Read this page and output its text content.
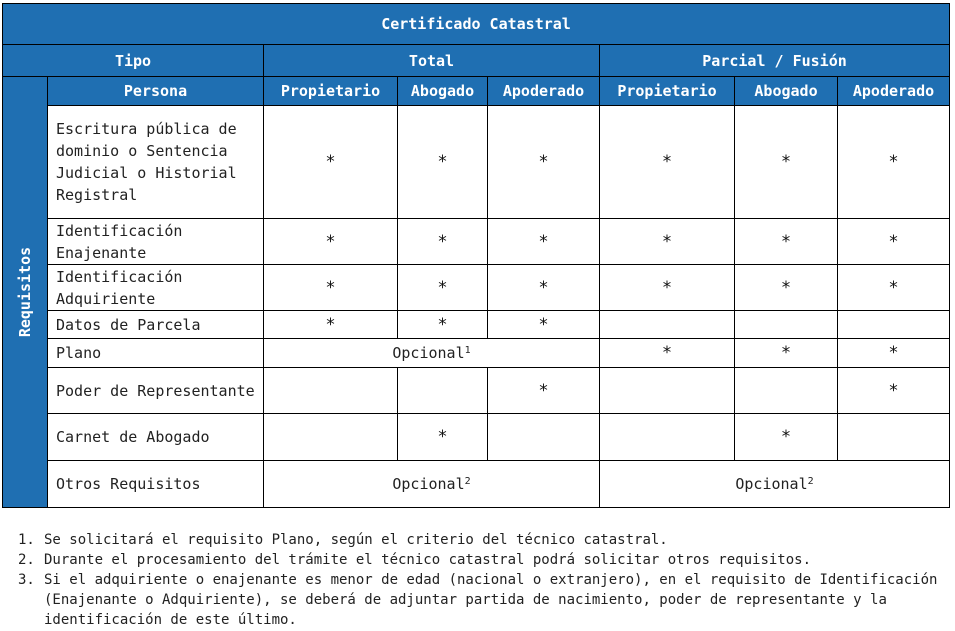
Certificado Catastral							
Tipo		Total			Parcial / Fusión		

Requisitos	Persona	Propietario	Abogado	Apoderado	Propietario	Abogado	Apoderado
	Escritura pública de dominio o Sentencia Judicial o Historial Registral	*	*	*	*	*	*
	Identificación Enajenante	*	*	*	*	*	*
	Identificación Adquiriente	*	*	*	*	*	*
	Datos de Parcela	*	*	*			
	Plano	Opcional$^1$			*	*	*
	Poder de Representante			*			*
	Carnet de Abogado		*			*	
	Otros Requisitos	Opcional$^2$			Opcional$^2$
1. Se solicitará el requisito Plano, según el criterio del técnico catastral.
2. Durante el procesamiento del trámite el técnico catastral podrá solicitar otros requisitos.
3. Si el adquiriente o enajenante es menor de edad (nacional o extranjero), en el requisito de Identificación (Enajenante o Adquiriente), se deberá de adjuntar partida de nacimiento, poder de representante y la identificación de este último.
